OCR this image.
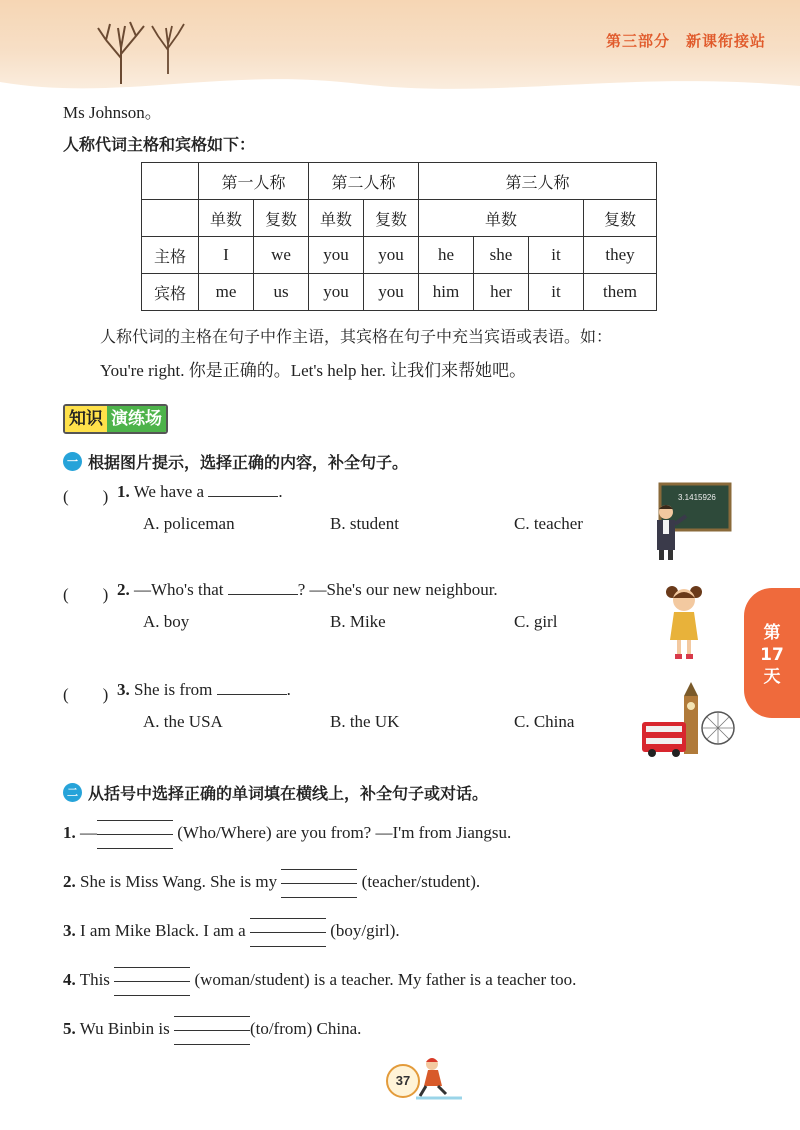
第三部分　新课衔接站
Ms Johnson。
人称代词主格和宾格如下：
	第一人称		第二人称		第三人称			
	单数	复数	单数	复数	单数			复数
主格	I	we	you	you	he	she	it	they
宾格	me	us	you	you	him	her	it	them
人称代词的主格在句子中作主语，其宾格在句子中充当宾语或表语。如：
You're right. 你是正确的。Let's help her. 让我们来帮她吧。
知识 演练场
一 根据图片提示，选择正确的内容，补全句子。
(　　) 1. We have a	.
A. policeman	B. student	C. teacher
3.1415926
(　　) 2. —Who's that	? —She's our new neighbour.
A. boy	B. Mike	C. girl
(　　) 3. She is from	.
A. the USA	B. the UK	C. China
二 从括号中选择正确的单词填在横线上，补全句子或对话。
1. —	(Who/Where) are you from? —I'm from Jiangsu.
2. She is Miss Wang. She is my	(teacher/student).
3. I am Mike Black. I am a	(boy/girl).
4. This	(woman/student) is a teacher. My father is a teacher too.
5. Wu Binbin is	(to/from) China.
第
17
天
37
